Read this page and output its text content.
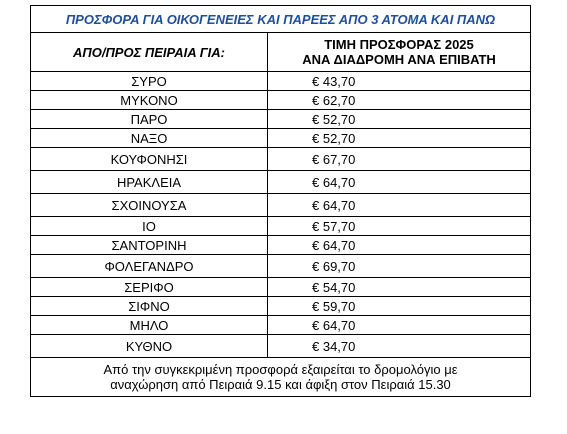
ΠΡΟΣΦΟΡΑ ΓΙΑ ΟΙΚΟΓΕΝΕΙΕΣ ΚΑΙ ΠΑΡΕΕΣ ΑΠΟ 3 ΑΤΟΜΑ ΚΑΙ ΠΑΝΩ	
ΑΠΟ/ΠΡΟΣ ΠΕΙΡΑΙΑ ΓΙΑ:	ΤΙΜΗ ΠΡΟΣΦΟΡΑΣ 2025
ΑΝΑ ΔΙΑΔΡΟΜΗ ΑΝΑ ΕΠΙΒΑΤΗ

ΣΥΡΟ	€ 43,70
ΜΥΚΟΝΟ	€ 62,70
ΠΑΡΟ	€ 52,70
ΝΑΞΟ	€ 52,70
ΚΟΥΦΟΝΗΣΙ	€ 67,70
ΗΡΑΚΛΕΙΑ	€ 64,70
ΣΧΟΙΝΟΥΣΑ	€ 64,70
ΙΟ	€ 57,70
ΣΑΝΤΟΡΙΝΗ	€ 64,70
ΦΟΛΕΓΑΝΔΡΟ	€ 69,70
ΣΕΡΙΦΟ	€ 54,70
ΣΙΦΝΟ	€ 59,70
ΜΗΛΟ	€ 64,70
ΚΥΘΝΟ	€ 34,70

Από την συγκεκριμένη προσφορά εξαιρείται το δρομολόγιο με
αναχώρηση από Πειραιά 9.15 και άφιξη στον Πειραιά 15.30	
